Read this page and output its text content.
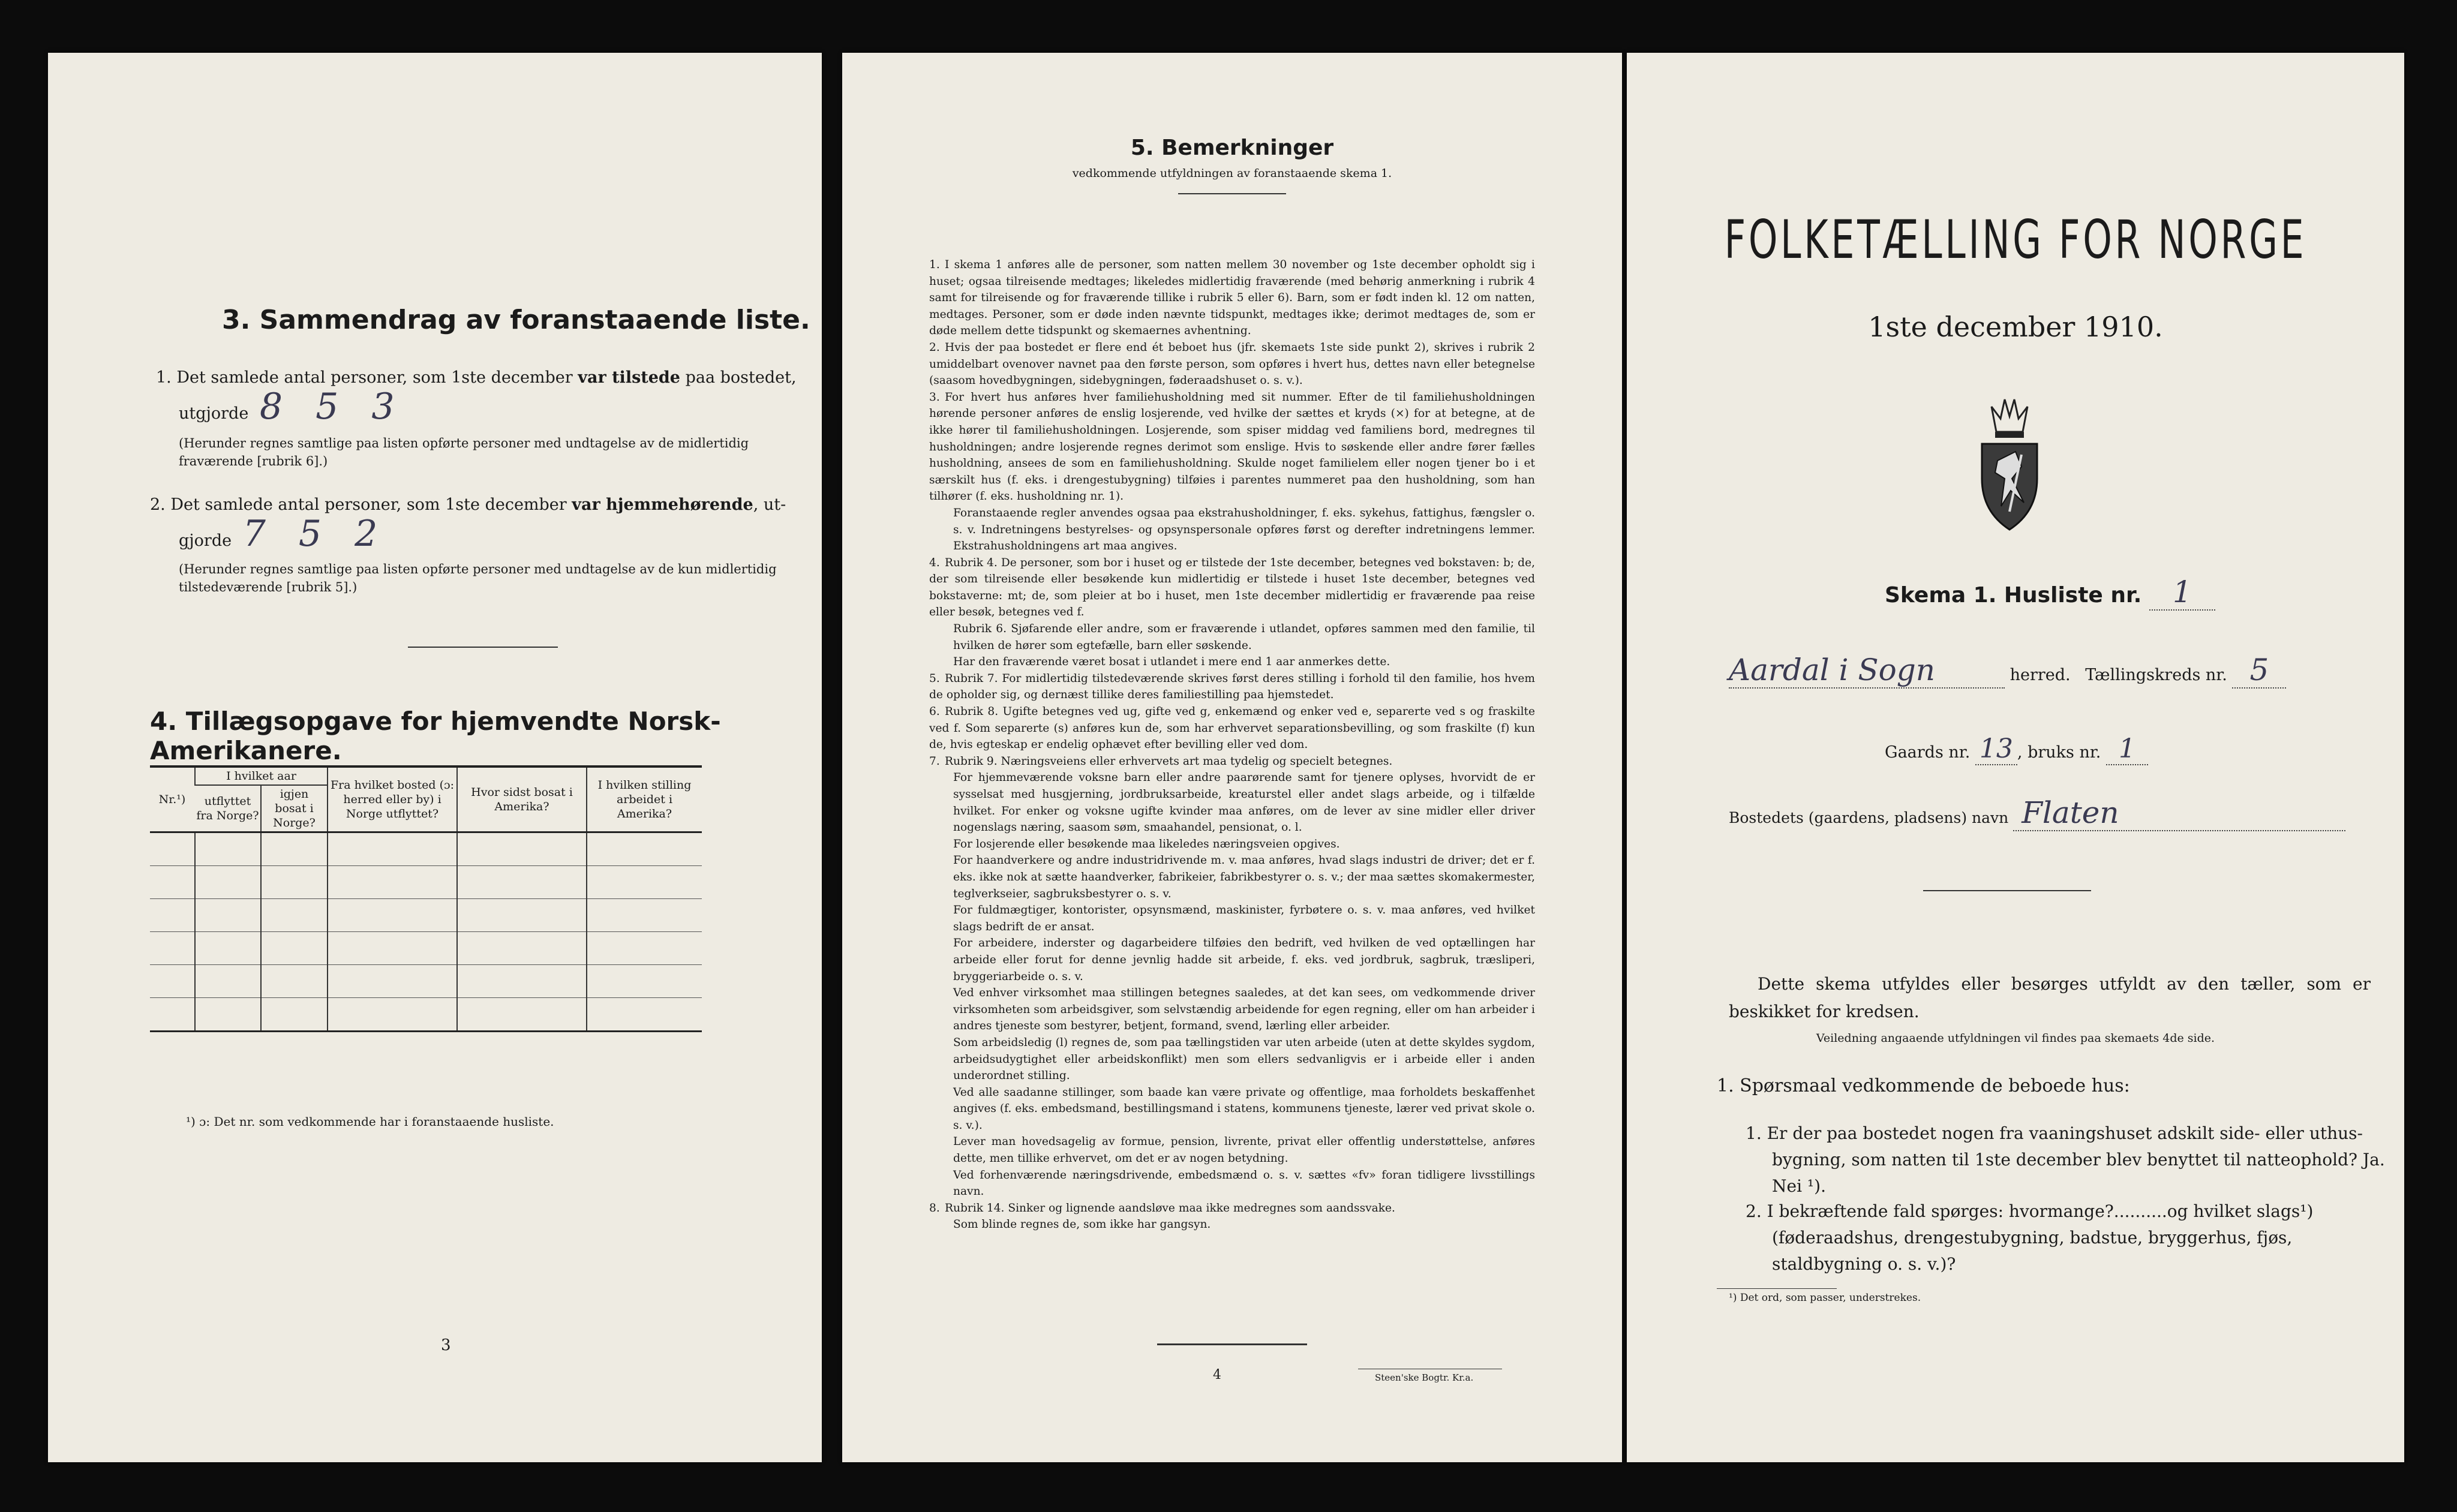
3. Sammendrag av foranstaaende liste.
1. Det samlede antal personer, som 1ste december var tilstede paa bostedet,
utgjorde 8 5 3
(Herunder regnes samtlige paa listen opførte personer med undtagelse av de midlertidig fraværende [rubrik 6].)
2. Det samlede antal personer, som 1ste december var hjemmehørende, ut-
gjorde 7 5 2
(Herunder regnes samtlige paa listen opførte personer med undtagelse av de kun midlertidig tilstedeværende [rubrik 5].)
4. Tillægsopgave for hjemvendte Norsk-Amerikanere.
Nr.¹)	I hvilket aar		Fra hvilket bosted (ɔ: herred eller by) i Norge utflyttet?	Hvor sidst bosat i Amerika?	I hvilken stilling arbeidet i Amerika?
	utflyttet fra Norge?	igjen bosat i Norge?			

¹) ɔ: Det nr. som vedkommende har i foranstaaende husliste.
3
5. Bemerkninger
vedkommende utfyldningen av foranstaaende skema 1.

1. I skema 1 anføres alle de personer, som natten mellem 30 november og 1ste december opholdt sig i huset; ogsaa tilreisende medtages; likeledes midlertidig fraværende (med behørig anmerkning i rubrik 4 samt for tilreisende og for fraværende tillike i rubrik 5 eller 6). Barn, som er født inden kl. 12 om natten, medtages. Personer, som er døde inden nævnte tidspunkt, medtages ikke; derimot medtages de, som er døde mellem dette tidspunkt og skemaernes avhentning.

2. Hvis der paa bostedet er flere end ét beboet hus (jfr. skemaets 1ste side punkt 2), skrives i rubrik 2 umiddelbart ovenover navnet paa den første person, som opføres i hvert hus, dettes navn eller betegnelse (saasom hovedbygningen, sidebygningen, føderaadshuset o. s. v.).

3. For hvert hus anføres hver familiehusholdning med sit nummer. Efter de til familiehusholdningen hørende personer anføres de enslig losjerende, ved hvilke der sættes et kryds (×) for at betegne, at de ikke hører til familiehusholdningen. Losjerende, som spiser middag ved familiens bord, medregnes til husholdningen; andre losjerende regnes derimot som enslige. Hvis to søskende eller andre fører fælles husholdning, ansees de som en familiehusholdning. Skulde noget familielem eller nogen tjener bo i et særskilt hus (f. eks. i drengestubygning) tilføies i parentes nummeret paa den husholdning, som han tilhører (f. eks. husholdning nr. 1).

Foranstaaende regler anvendes ogsaa paa ekstrahusholdninger, f. eks. sykehus, fattighus, fængsler o. s. v. Indretningens bestyrelses- og opsynspersonale opføres først og derefter indretningens lemmer. Ekstrahusholdningens art maa angives.

4. Rubrik 4. De personer, som bor i huset og er tilstede der 1ste december, betegnes ved bokstaven: b; de, der som tilreisende eller besøkende kun midlertidig er tilstede i huset 1ste december, betegnes ved bokstaverne: mt; de, som pleier at bo i huset, men 1ste december midlertidig er fraværende paa reise eller besøk, betegnes ved f.

Rubrik 6. Sjøfarende eller andre, som er fraværende i utlandet, opføres sammen med den familie, til hvilken de hører som egtefælle, barn eller søskende.

Har den fraværende været bosat i utlandet i mere end 1 aar anmerkes dette.

5. Rubrik 7. For midlertidig tilstedeværende skrives først deres stilling i forhold til den familie, hos hvem de opholder sig, og dernæst tillike deres familiestilling paa hjemstedet.

6. Rubrik 8. Ugifte betegnes ved ug, gifte ved g, enkemænd og enker ved e, separerte ved s og fraskilte ved f. Som separerte (s) anføres kun de, som har erhvervet separationsbevilling, og som fraskilte (f) kun de, hvis egteskap er endelig ophævet efter bevilling eller ved dom.

7. Rubrik 9. Næringsveiens eller erhvervets art maa tydelig og specielt betegnes.

For hjemmeværende voksne barn eller andre paarørende samt for tjenere oplyses, hvorvidt de er sysselsat med husgjerning, jordbruksarbeide, kreaturstel eller andet slags arbeide, og i tilfælde hvilket. For enker og voksne ugifte kvinder maa anføres, om de lever av sine midler eller driver nogenslags næring, saasom søm, smaahandel, pensionat, o. l.

For losjerende eller besøkende maa likeledes næringsveien opgives.

For haandverkere og andre industridrivende m. v. maa anføres, hvad slags industri de driver; det er f. eks. ikke nok at sætte haandverker, fabrikeier, fabrikbestyrer o. s. v.; der maa sættes skomakermester, teglverkseier, sagbruksbestyrer o. s. v.

For fuldmægtiger, kontorister, opsynsmænd, maskinister, fyrbøtere o. s. v. maa anføres, ved hvilket slags bedrift de er ansat.

For arbeidere, inderster og dagarbeidere tilføies den bedrift, ved hvilken de ved optællingen har arbeide eller forut for denne jevnlig hadde sit arbeide, f. eks. ved jordbruk, sagbruk, træsliperi, bryggeriarbeide o. s. v.

Ved enhver virksomhet maa stillingen betegnes saaledes, at det kan sees, om vedkommende driver virksomheten som arbeidsgiver, som selvstændig arbeidende for egen regning, eller om han arbeider i andres tjeneste som bestyrer, betjent, formand, svend, lærling eller arbeider.

Som arbeidsledig (l) regnes de, som paa tællingstiden var uten arbeide (uten at dette skyldes sygdom, arbeidsudygtighet eller arbeidskonflikt) men som ellers sedvanligvis er i arbeide eller i anden underordnet stilling.

Ved alle saadanne stillinger, som baade kan være private og offentlige, maa forholdets beskaffenhet angives (f. eks. embedsmand, bestillingsmand i statens, kommunens tjeneste, lærer ved privat skole o. s. v.).

Lever man hovedsagelig av formue, pension, livrente, privat eller offentlig understøttelse, anføres dette, men tillike erhvervet, om det er av nogen betydning.

Ved forhenværende næringsdrivende, embedsmænd o. s. v. sættes «fv» foran tidligere livsstillings navn.

8. Rubrik 14. Sinker og lignende aandsløve maa ikke medregnes som aandssvake.

Som blinde regnes de, som ikke har gangsyn.

4	Steen'ske Bogtr. Kr.a.
FOLKETÆLLING FOR NORGE
1ste december 1910.
Skema 1. Husliste nr. 1
Aardal i Sogn	herred. Tællingskreds nr. 5
Gaards nr. 13 , bruks nr. 1
Bostedets (gaardens, pladsens) navn Flaten
Dette skema utfyldes eller besørges utfyldt av den tæller, som er beskikket for kredsen.
Veiledning angaaende utfyldningen vil findes paa skemaets 4de side.
1. Spørsmaal vedkommende de beboede hus:
1. Er der paa bostedet nogen fra vaaningshuset adskilt side- eller uthus-bygning, som natten til 1ste december blev benyttet til natteophold? Ja. Nei ¹).
2. I bekræftende fald spørges: hvormange?..........og hvilket slags¹) (føderaadshus, drengestubygning, badstue, bryggerhus, fjøs, staldbygning o. s. v.)?
¹) Det ord, som passer, understrekes.
